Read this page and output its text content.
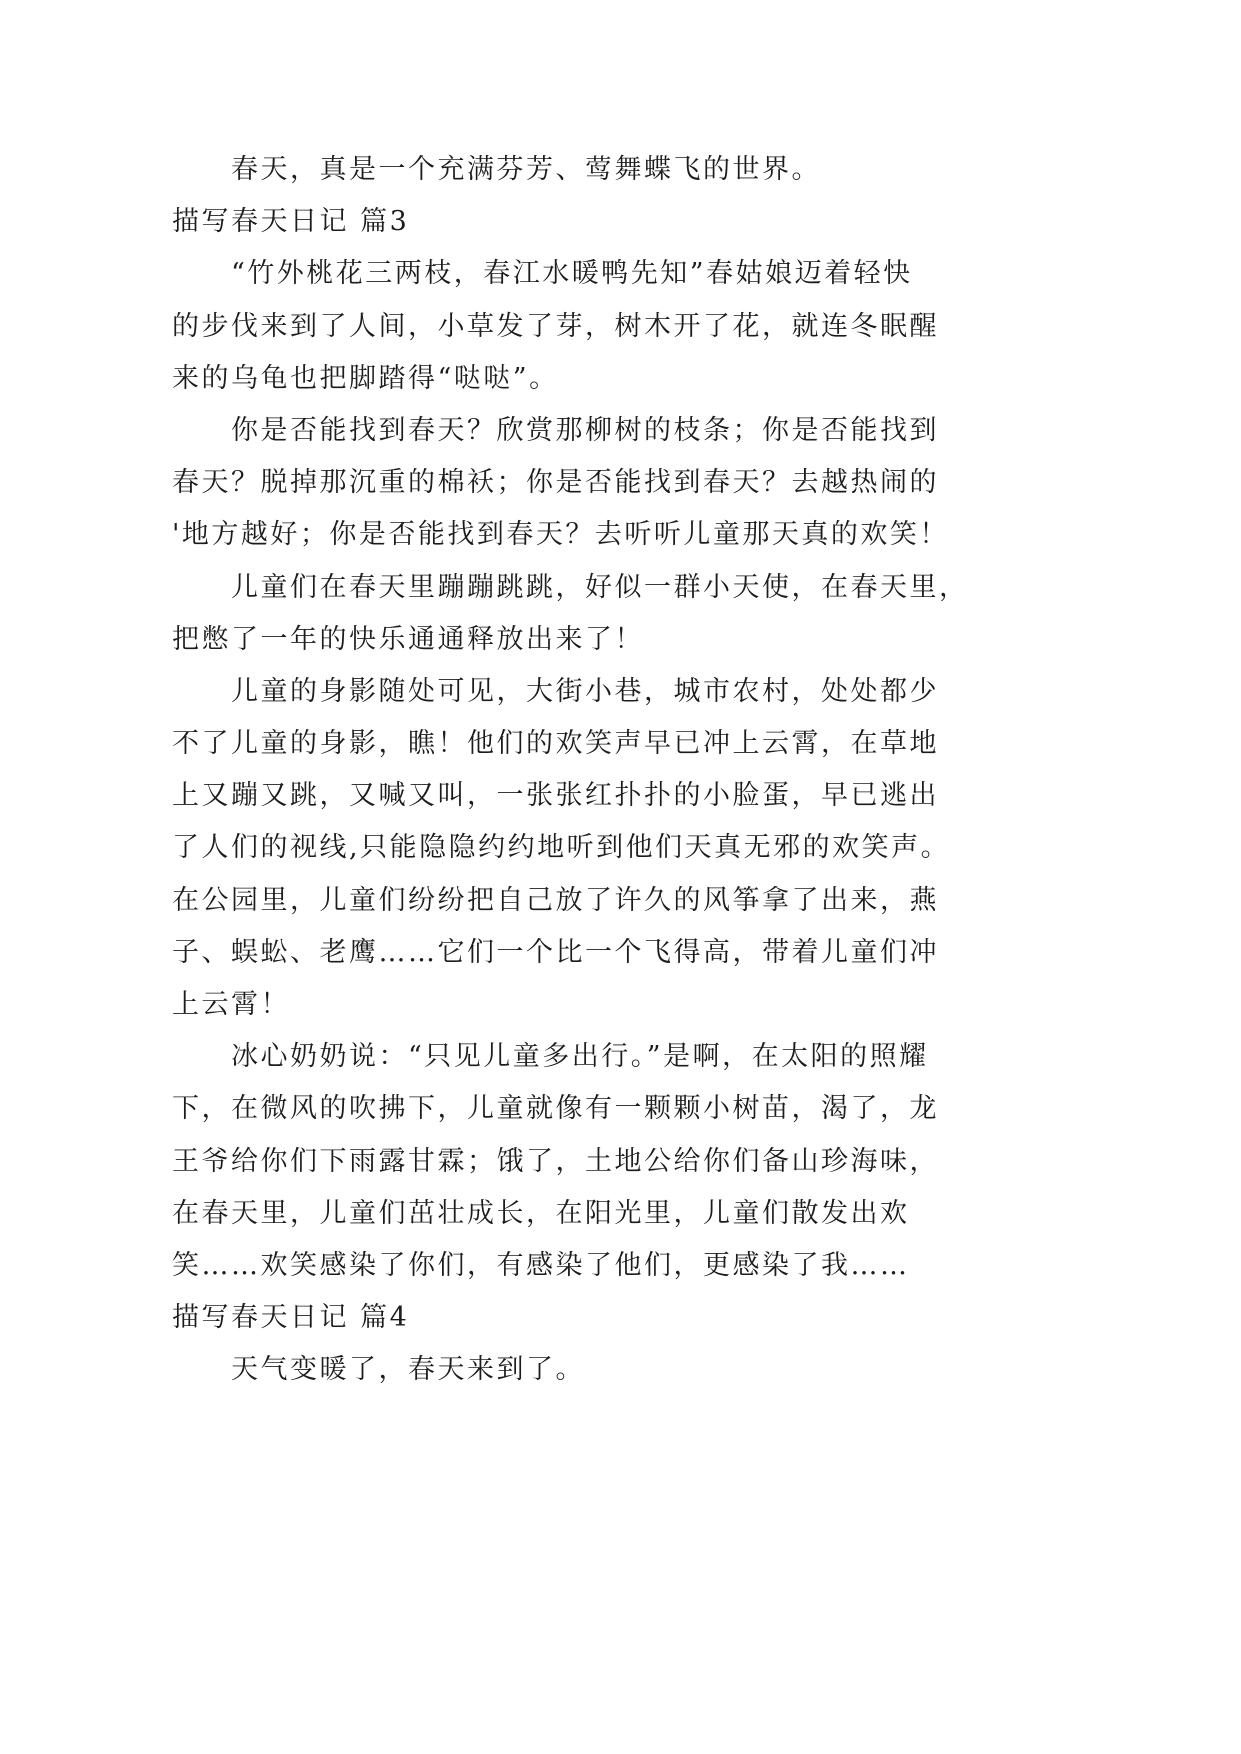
春天，真是一个充满芬芳、莺舞蝶飞的世界。
描写春天日记 篇3
“竹外桃花三两枝，春江水暖鸭先知”春姑娘迈着轻快
的步伐来到了人间，小草发了芽，树木开了花，就连冬眠醒
来的乌龟也把脚踏得“哒哒”。
你是否能找到春天？欣赏那柳树的枝条；你是否能找到
春天？脱掉那沉重的棉袄；你是否能找到春天？去越热闹的
'地方越好；你是否能找到春天？去听听儿童那天真的欢笑！
儿童们在春天里蹦蹦跳跳，好似一群小天使，在春天里，
把憋了一年的快乐通通释放出来了！
儿童的身影随处可见，大街小巷，城市农村，处处都少
不了儿童的身影，瞧！他们的欢笑声早已冲上云霄，在草地
上又蹦又跳，又喊又叫，一张张红扑扑的小脸蛋，早已逃出
了人们的视线,只能隐隐约约地听到他们天真无邪的欢笑声。
在公园里，儿童们纷纷把自己放了许久的风筝拿了出来，燕
子、蜈蚣、老鹰……它们一个比一个飞得高，带着儿童们冲
上云霄！
冰心奶奶说：“只见儿童多出行。”是啊，在太阳的照耀
下，在微风的吹拂下，儿童就像有一颗颗小树苗，渴了，龙
王爷给你们下雨露甘霖；饿了，土地公给你们备山珍海味，
在春天里，儿童们茁壮成长，在阳光里，儿童们散发出欢
笑……欢笑感染了你们，有感染了他们，更感染了我……
描写春天日记 篇4
天气变暖了，春天来到了。
